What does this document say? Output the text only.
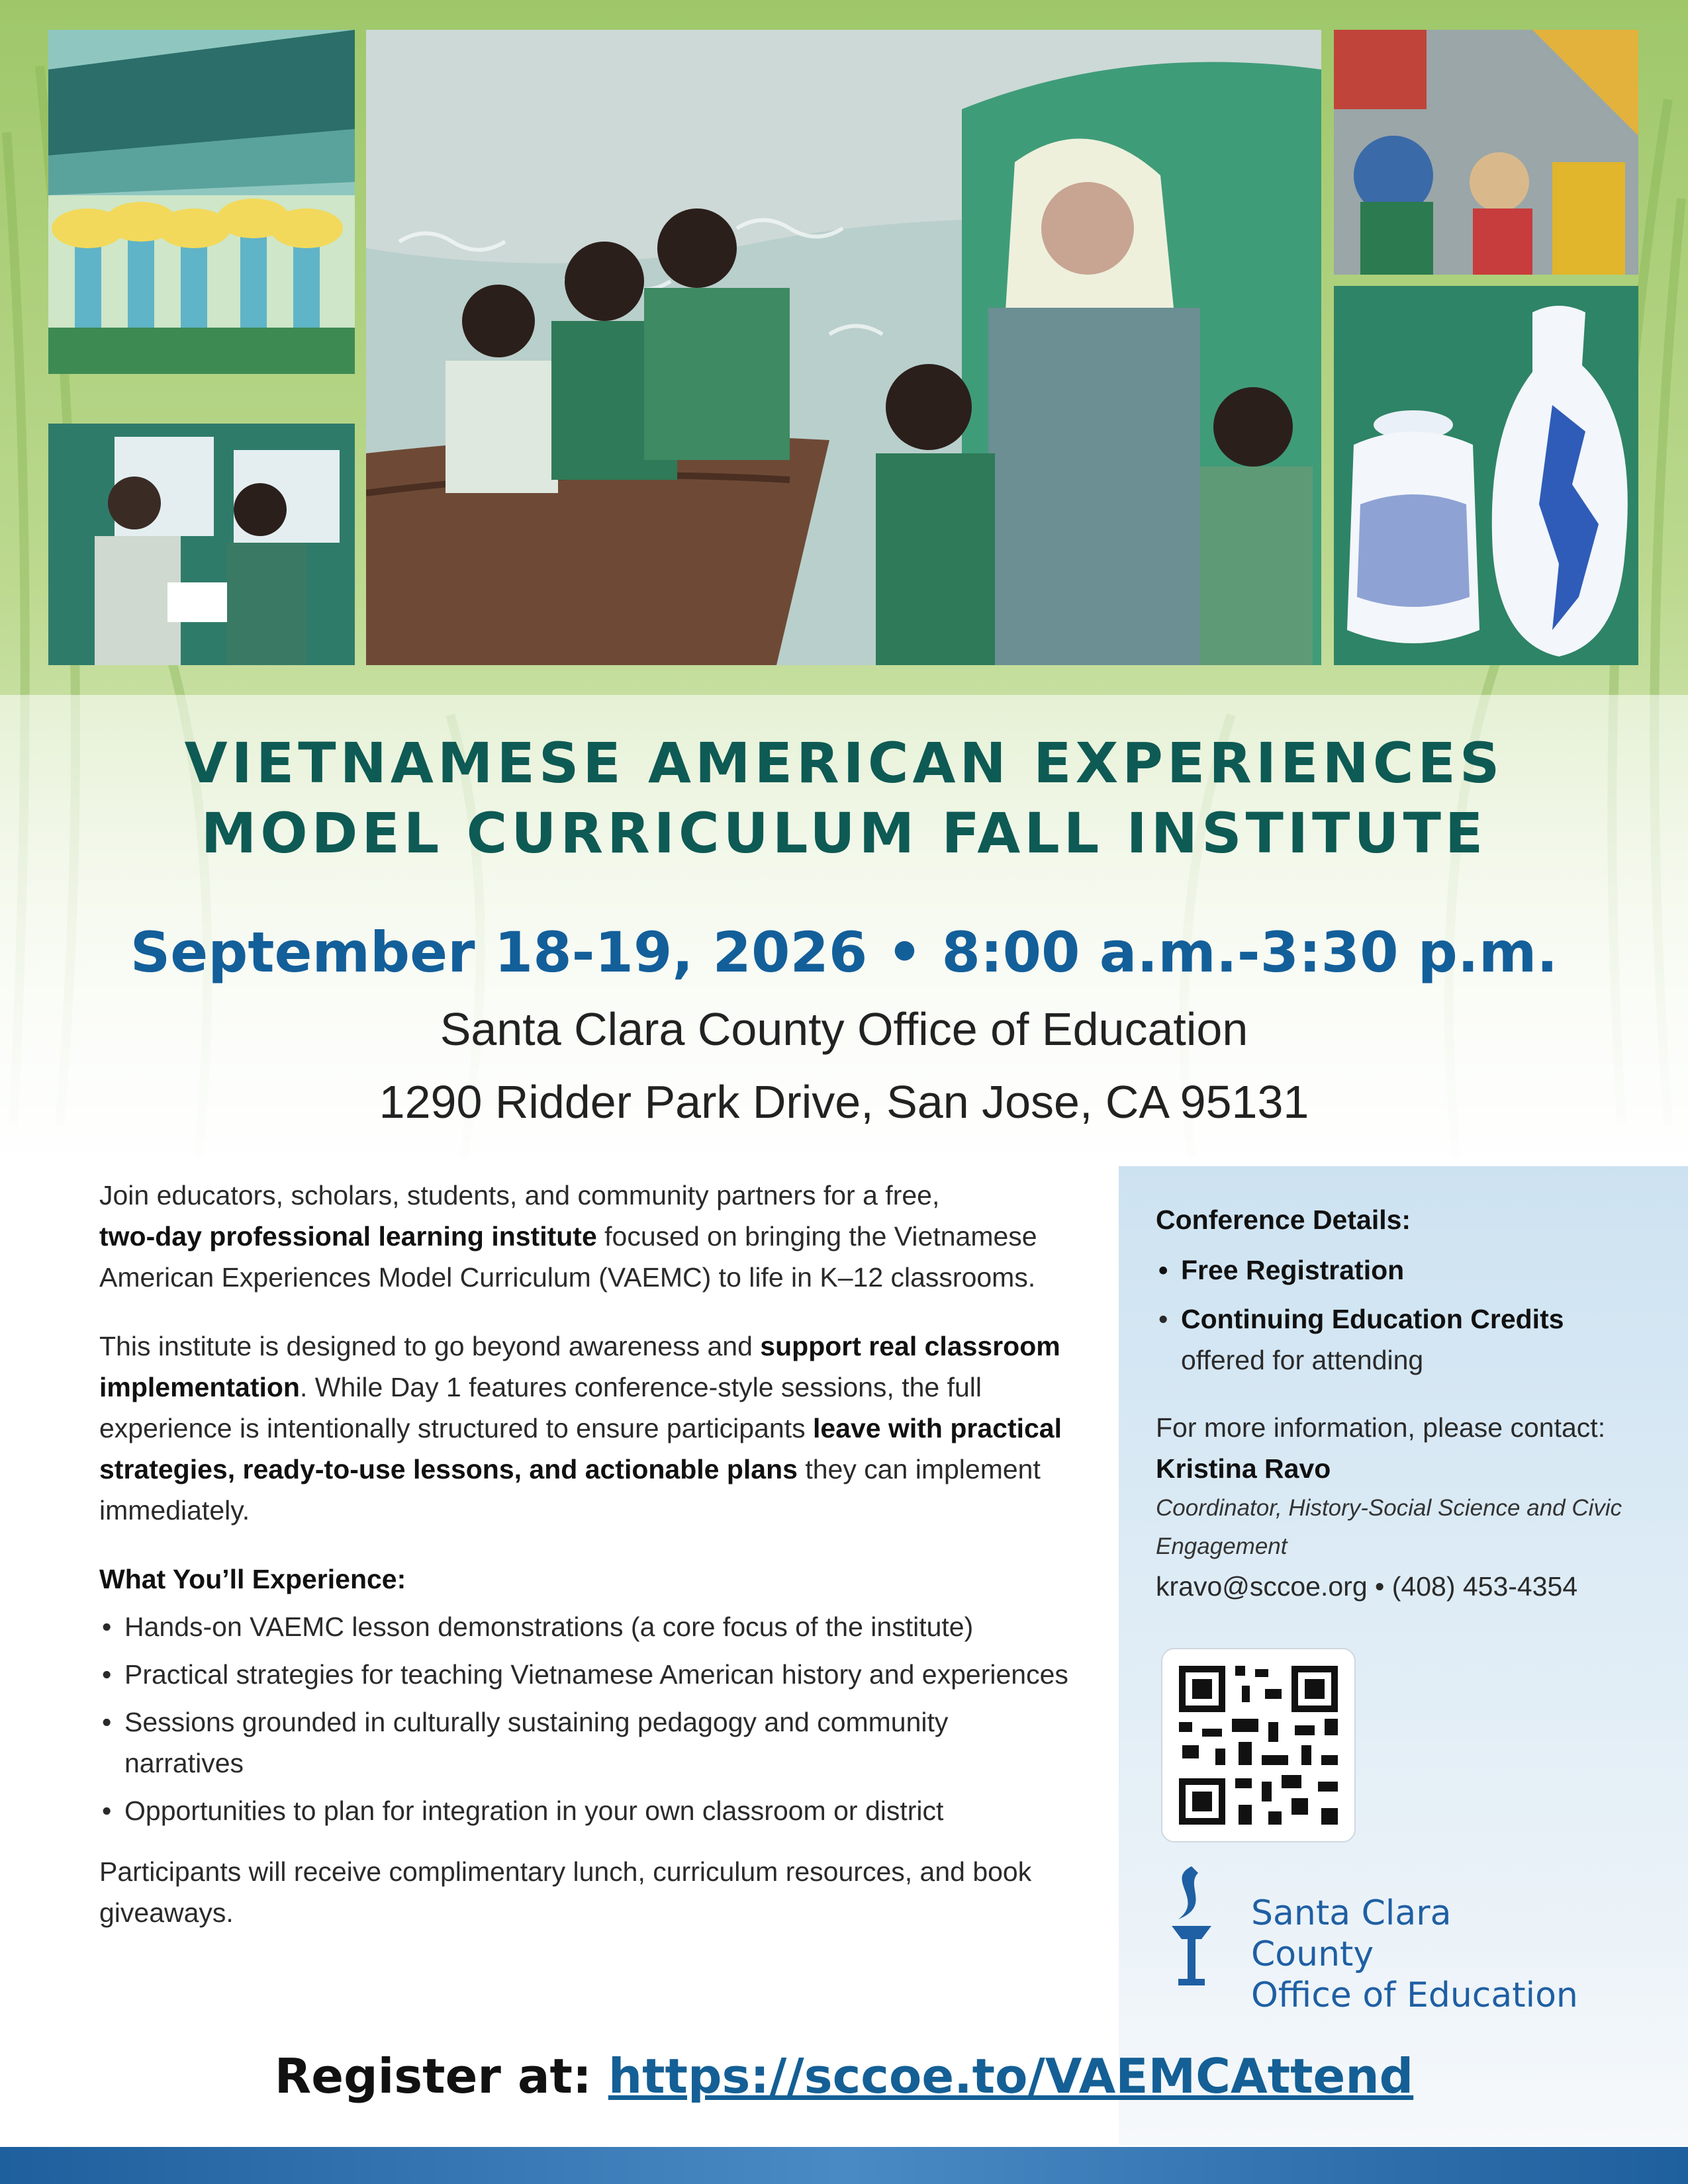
VIETNAMESE AMERICAN EXPERIENCES
MODEL CURRICULUM FALL INSTITUTE
September 18-19, 2026 • 8:00 a.m.-3:30 p.m.
Santa Clara County Office of Education
1290 Ridder Park Drive, San Jose, CA 95131

Join educators, scholars, students, and community partners for a free,
two-day professional learning institute focused on bringing the Vietnamese American Experiences Model Curriculum (VAEMC) to life in K–12 classrooms.

This institute is designed to go beyond awareness and support real classroom implementation. While Day 1 features conference-style sessions, the full experience is intentionally structured to ensure participants leave with practical strategies, ready-to-use lessons, and actionable plans they can implement immediately.

What You’ll Experience:
• Hands-on VAEMC lesson demonstrations (a core focus of the institute)
• Practical strategies for teaching Vietnamese American history and experiences
• Sessions grounded in culturally sustaining pedagogy and community narratives
• Opportunities to plan for integration in your own classroom or district

Participants will receive complimentary lunch, curriculum resources, and book giveaways.

Conference Details:
• Free Registration
• Continuing Education Credits
offered for attending
For more information, please contact:
Kristina Ravo
Coordinator, History-Social Science and Civic Engagement
kravo@sccoe.org • (408) 453-4354
Santa Clara County
Office of Education
Register at: https://sccoe.to/VAEMCAttend
